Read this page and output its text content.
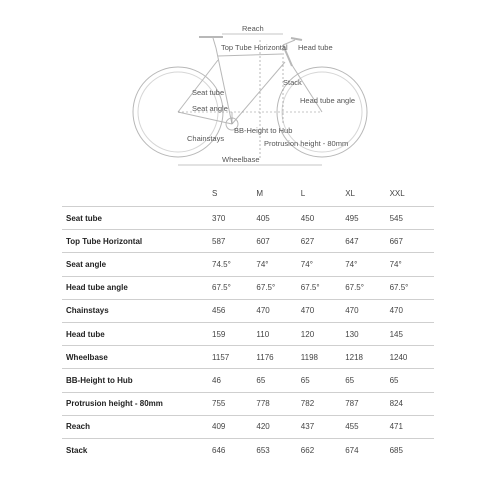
Reach
Top Tube Horizontal Head tube
Stack
Head tube angle
Seat tube
Seat angle
Chainstays
BB-Height to Hub
Protrusion height - 80mm
Wheelbase
	S	M	L	XL	XXL
Seat tube	370	405	450	495	545
Top Tube Horizontal	587	607	627	647	667
Seat angle	74.5°	74°	74°	74°	74°
Head tube angle	67.5°	67.5°	67.5°	67.5°	67.5°
Chainstays	456	470	470	470	470
Head tube	159	110	120	130	145
Wheelbase	1157	1176	1198	1218	1240
BB-Height to Hub	46	65	65	65	65
Protrusion height - 80mm	755	778	782	787	824
Reach	409	420	437	455	471
Stack	646	653	662	674	685
